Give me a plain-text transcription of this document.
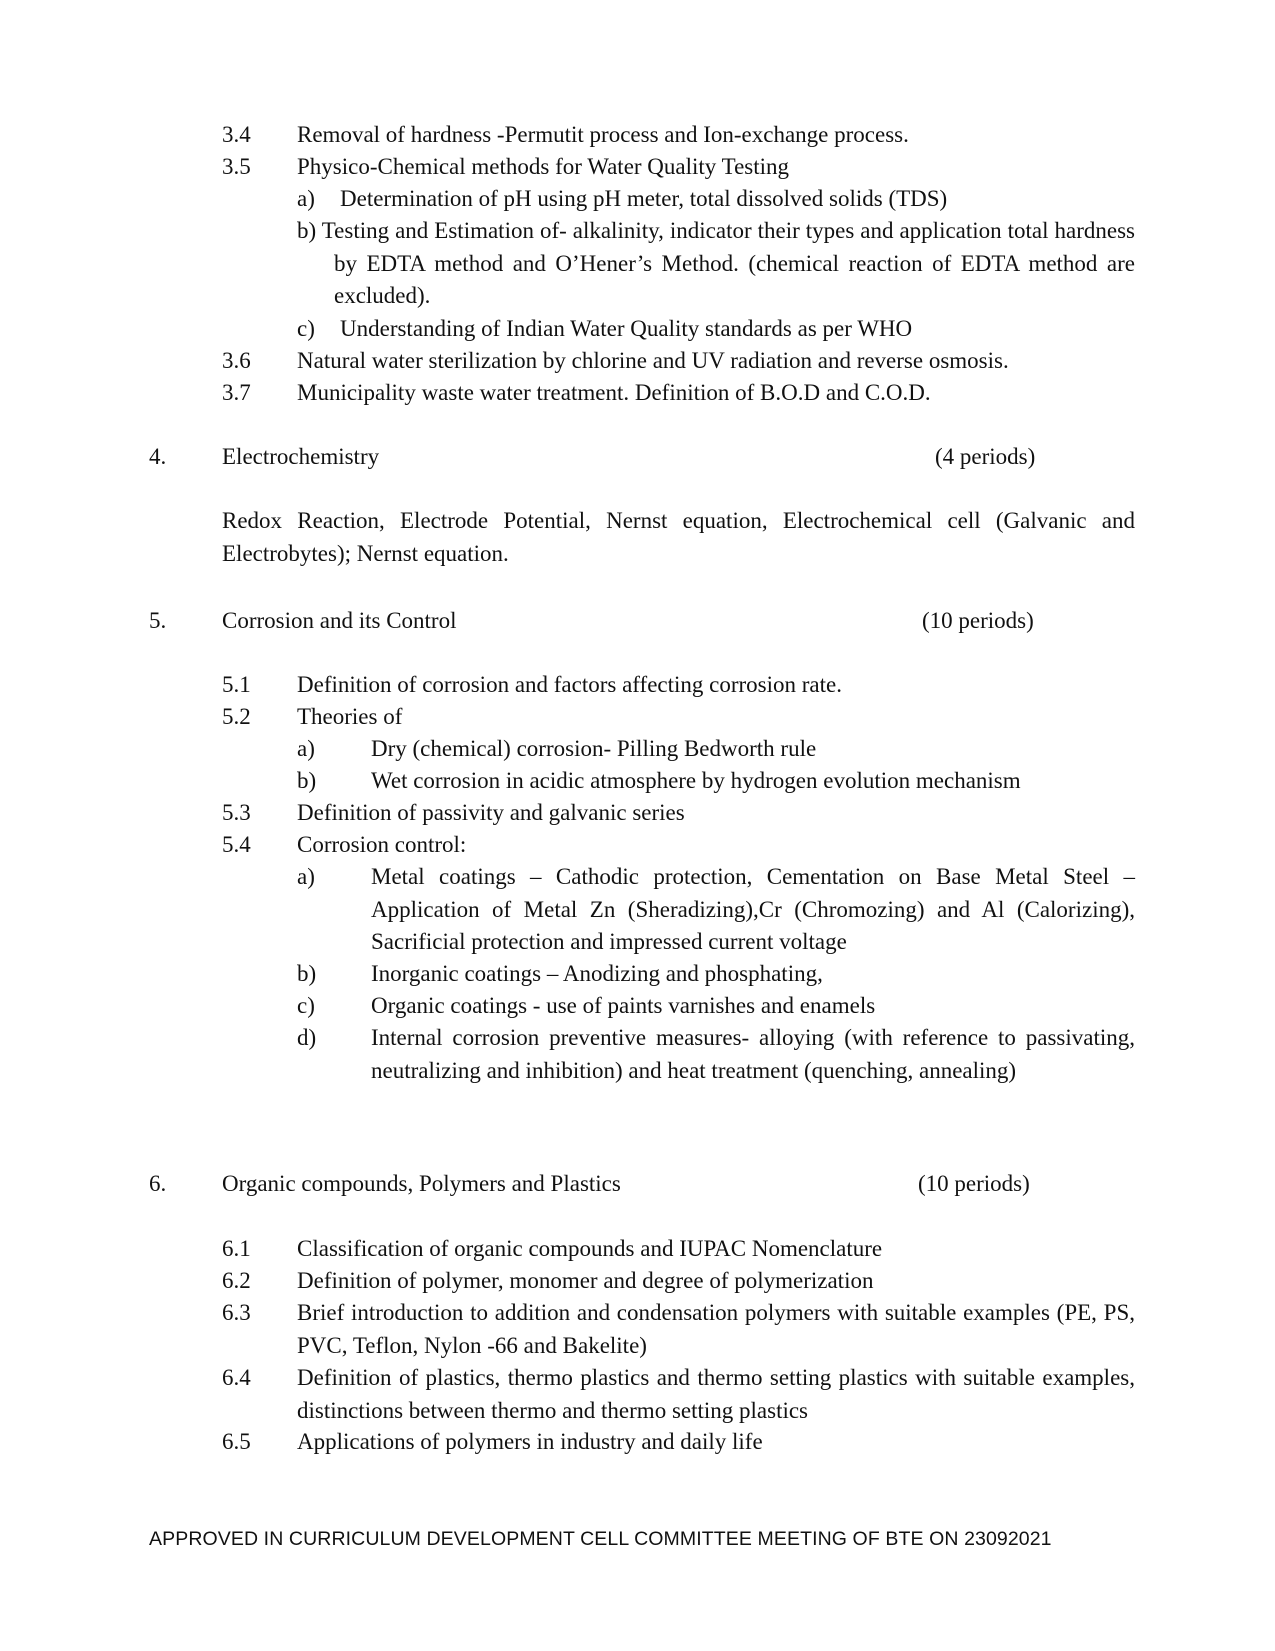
3.4 Removal of hardness -Permutit process and Ion-exchange process.
3.5 Physico-Chemical methods for Water Quality Testing
a) Determination of pH using pH meter, total dissolved solids (TDS)
b) Testing and Estimation of- alkalinity, indicator their types and application total hardness by EDTA method and O’Hener’s Method. (chemical reaction of EDTA method are excluded).
c) Understanding of Indian Water Quality standards as per WHO
3.6 Natural water sterilization by chlorine and UV radiation and reverse osmosis.
3.7 Municipality waste water treatment. Definition of B.O.D and C.O.D.
4. Electrochemistry	(4 periods)
Redox Reaction, Electrode Potential, Nernst equation, Electrochemical cell (Galvanic and Electrobytes); Nernst equation.
5. Corrosion and its Control	(10 periods)
5.1 Definition of corrosion and factors affecting corrosion rate.
5.2 Theories of
a) Dry (chemical) corrosion- Pilling Bedworth rule
b) Wet corrosion in acidic atmosphere by hydrogen evolution mechanism
5.3 Definition of passivity and galvanic series
5.4 Corrosion control:
a) Metal coatings – Cathodic protection, Cementation on Base Metal Steel – Application of Metal Zn (Sheradizing),Cr (Chromozing) and Al (Calorizing), Sacrificial protection and impressed current voltage
b) Inorganic coatings – Anodizing and phosphating,
c) Organic coatings - use of paints varnishes and enamels
d) Internal corrosion preventive measures- alloying (with reference to passivating, neutralizing and inhibition) and heat treatment (quenching, annealing)
6. Organic compounds, Polymers and Plastics	(10 periods)
6.1 Classification of organic compounds and IUPAC Nomenclature
6.2 Definition of polymer, monomer and degree of polymerization
6.3 Brief introduction to addition and condensation polymers with suitable examples (PE, PS, PVC, Teflon, Nylon -66 and Bakelite)
6.4 Definition of plastics, thermo plastics and thermo setting plastics with suitable examples, distinctions between thermo and thermo setting plastics
6.5 Applications of polymers in industry and daily life
APPROVED IN CURRICULUM DEVELOPMENT CELL COMMITTEE MEETING OF BTE ON 23092021
